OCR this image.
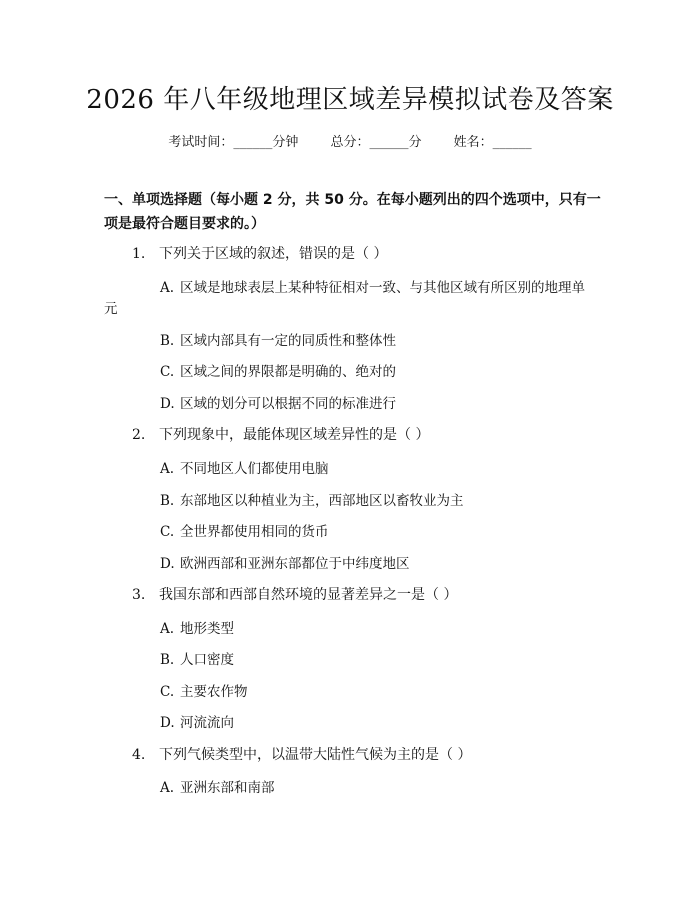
2026 年八年级地理区域差异模拟试卷及答案
考试时间：______分钟 总分：______分 姓名：______
一、单项选择题（每小题 2 分，共 50 分。在每小题列出的四个选项中，只有一项是最符合题目要求的。）
1. 下列关于区域的叙述，错误的是（ ）
A. 区域是地球表层上某种特征相对一致、与其他区域有所区别的地理单
元
B. 区域内部具有一定的同质性和整体性
C. 区域之间的界限都是明确的、绝对的
D. 区域的划分可以根据不同的标准进行
2. 下列现象中，最能体现区域差异性的是（ ）
A. 不同地区人们都使用电脑
B. 东部地区以种植业为主，西部地区以畜牧业为主
C. 全世界都使用相同的货币
D. 欧洲西部和亚洲东部都位于中纬度地区
3. 我国东部和西部自然环境的显著差异之一是（ ）
A. 地形类型
B. 人口密度
C. 主要农作物
D. 河流流向
4. 下列气候类型中，以温带大陆性气候为主的是（ ）
A. 亚洲东部和南部
